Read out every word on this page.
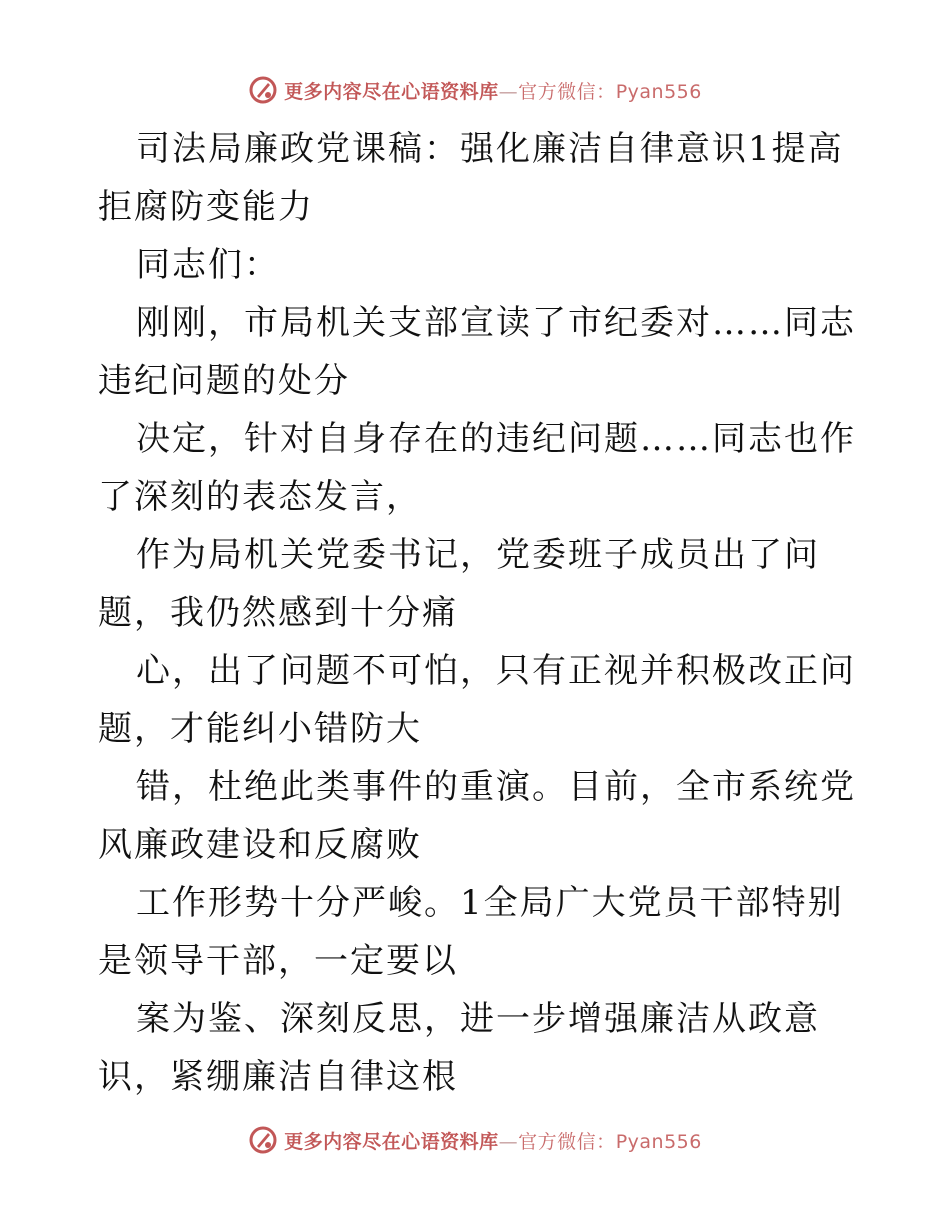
更多内容尽在心语资料库—官方微信：Pyan556

司法局廉政党课稿：强化廉洁自律意识1提高拒腐防变能力

同志们：

刚刚，市局机关支部宣读了市纪委对……同志违纪问题的处分

决定，针对自身存在的违纪问题……同志也作了深刻的表态发言，

作为局机关党委书记，党委班子成员出了问题，我仍然感到十分痛

心，出了问题不可怕，只有正视并积极改正问题，才能纠小错防大

错，杜绝此类事件的重演。目前，全市系统党风廉政建设和反腐败

工作形势十分严峻。1全局广大党员干部特别是领导干部，一定要以

案为鉴、深刻反思，进一步增强廉洁从政意识，紧绷廉洁自律这根

更多内容尽在心语资料库—官方微信：Pyan556
